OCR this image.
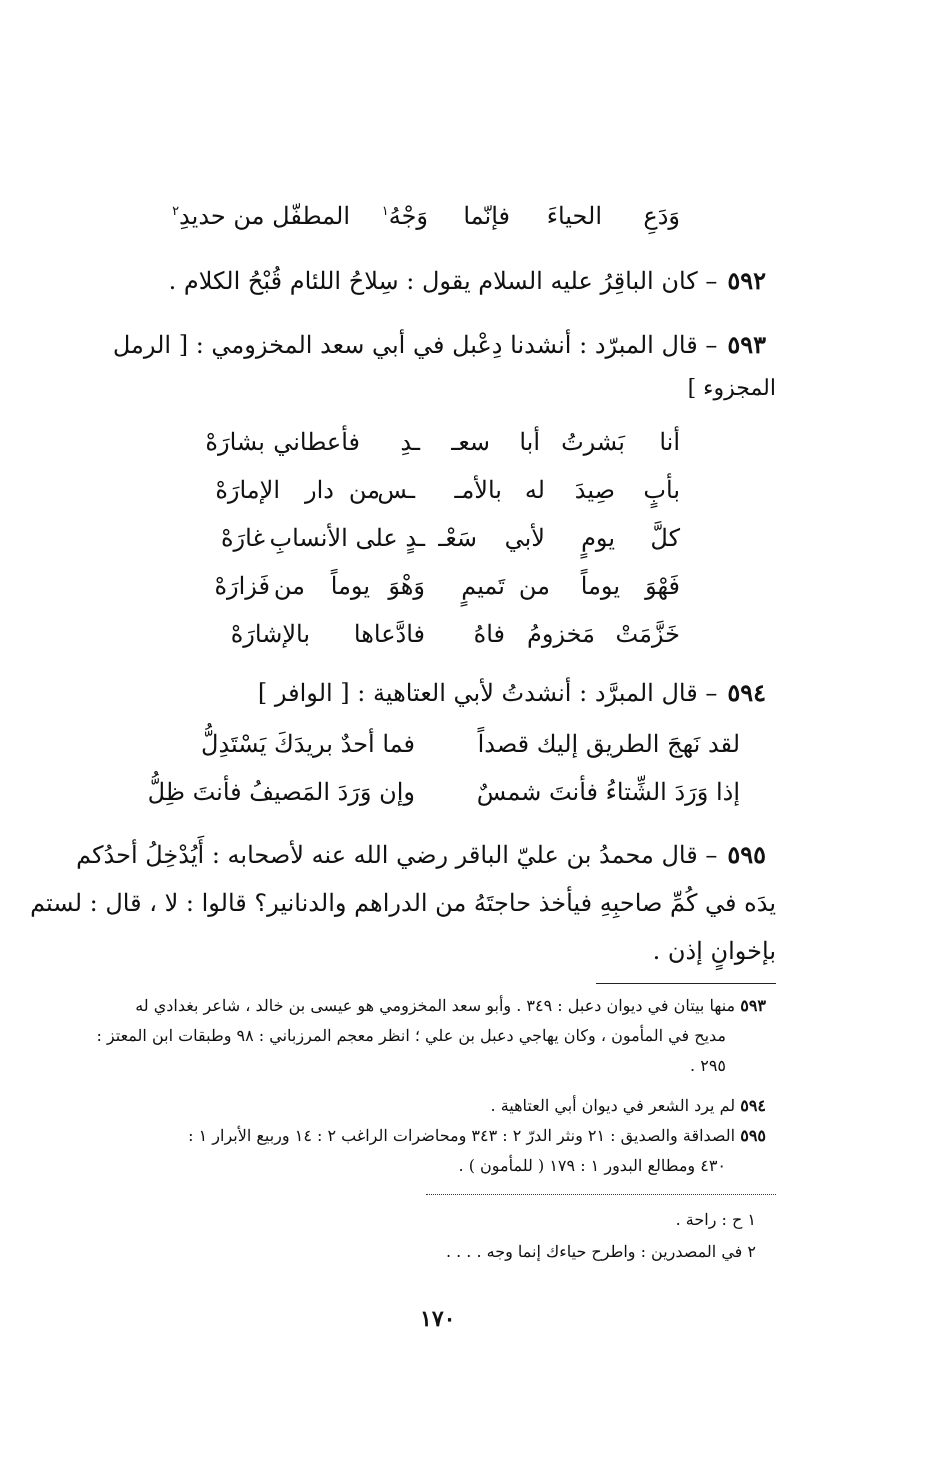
وَدَعِ
الحياءَ
فإنّما
وَجْهُ$^١$
المطفّل من حديدِ$^٢$
٥٩٢– كان الباقِرُ عليه السلام يقول : سِلاحُ اللئام قُبْحُ الكلام .
٥٩٣– قال المبرّد : أنشدنا دِعْبل في أبي سعد المخزومي : [ الرمل
المجزوء ]
أنا
بَشرتُ
أبا
سعـ
ـدِ
فأعطاني
بشارَهْ
بأبٍ
صِيدَ
له
بالأمـ
ـس
من
دار
الإمارَهْ
كلَّ
يومٍ
لأبي
سَعْـ
ـدٍ على الأنسابِ
غارَهْ
فَهْوَ
يوماً
من
تَميمٍ
وَهْوَ
يوماً
من
فَزارَهْ
خَزَّمَتْ
مَخزومُ
فاهُ
فادَّعاها
بالإشارَهْ
٥٩٤– قال المبرَّد : أنشدتُ لأبي العتاهية : [ الوافر ]
لقد نَهجَ الطريق إليك قصداً
فما أحدٌ بريدَكَ يَسْتَدِلُّ
إذا وَرَدَ الشِّتاءُ فأنتَ شمسٌ
وإن وَرَدَ المَصيفُ فأنتَ ظِلُّ
٥٩٥– قال محمدُ بن عليّ الباقر رضي الله عنه لأصحابه : أَيُدْخِلُ أحدُكم
يدَه في كُمِّ صاحبِهِ فيأخذ حاجتَهُ من الدراهم والدنانير؟ قالوا : لا ، قال : لستم
بإخوانٍ إذن .
٥٩٣ منها بيتان في ديوان دعبل : ٣٤٩ . وأبو سعد المخزومي هو عيسى بن خالد ، شاعر بغدادي له
مديح في المأمون ، وكان يهاجي دعبل بن علي ؛ انظر معجم المرزباني : ٩٨ وطبقات ابن المعتز :
٢٩٥ .
٥٩٤ لم يرد الشعر في ديوان أبي العتاهية .
٥٩٥ الصداقة والصديق : ٢١ ونثر الدرّ ٢ : ٣٤٣ ومحاضرات الراغب ٢ : ١٤ وربيع الأبرار ١ :
٤٣٠ ومطالع البدور ١ : ١٧٩ ( للمأمون ) .
١ ح : راحة .
٢ في المصدرين : واطرح حياءك إنما وجه . . . .
١٧٠
